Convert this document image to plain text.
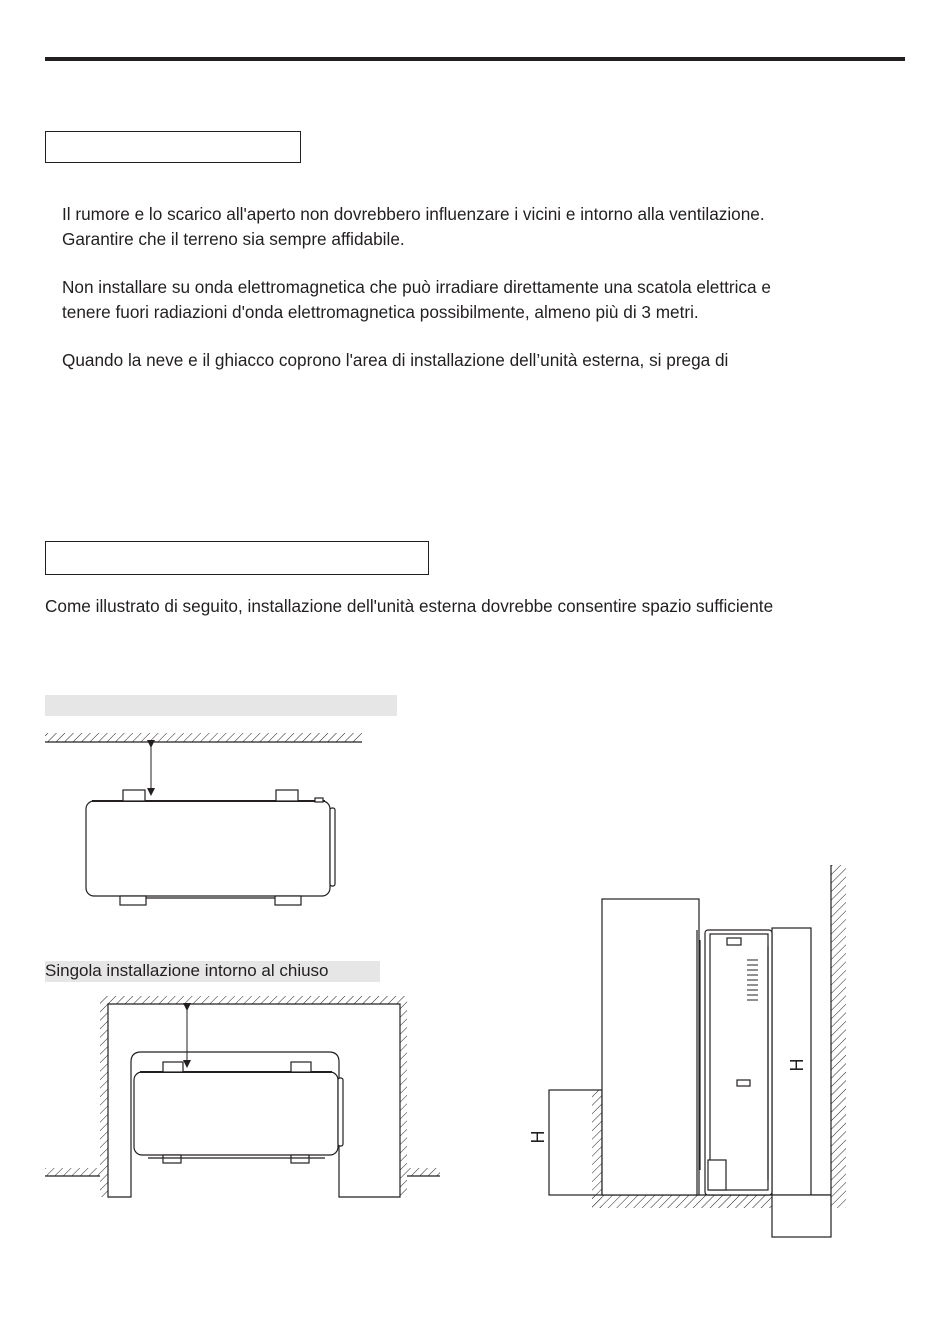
Il rumore e lo scarico all'aperto non dovrebbero influenzare i vicini e intorno alla ventilazione.
Garantire che il terreno sia sempre affidabile.

Non installare su onda elettromagnetica che può irradiare direttamente una scatola elettrica e
tenere fuori radiazioni d'onda elettromagnetica possibilmente, almeno più di 3 metri.

Quando la neve e il ghiacco coprono l'area di installazione dell’unità esterna, si prega di

Come illustrato di seguito, installazione dell'unità esterna dovrebbe consentire spazio sufficiente

Singola installazione intorno al chiuso
H
H
